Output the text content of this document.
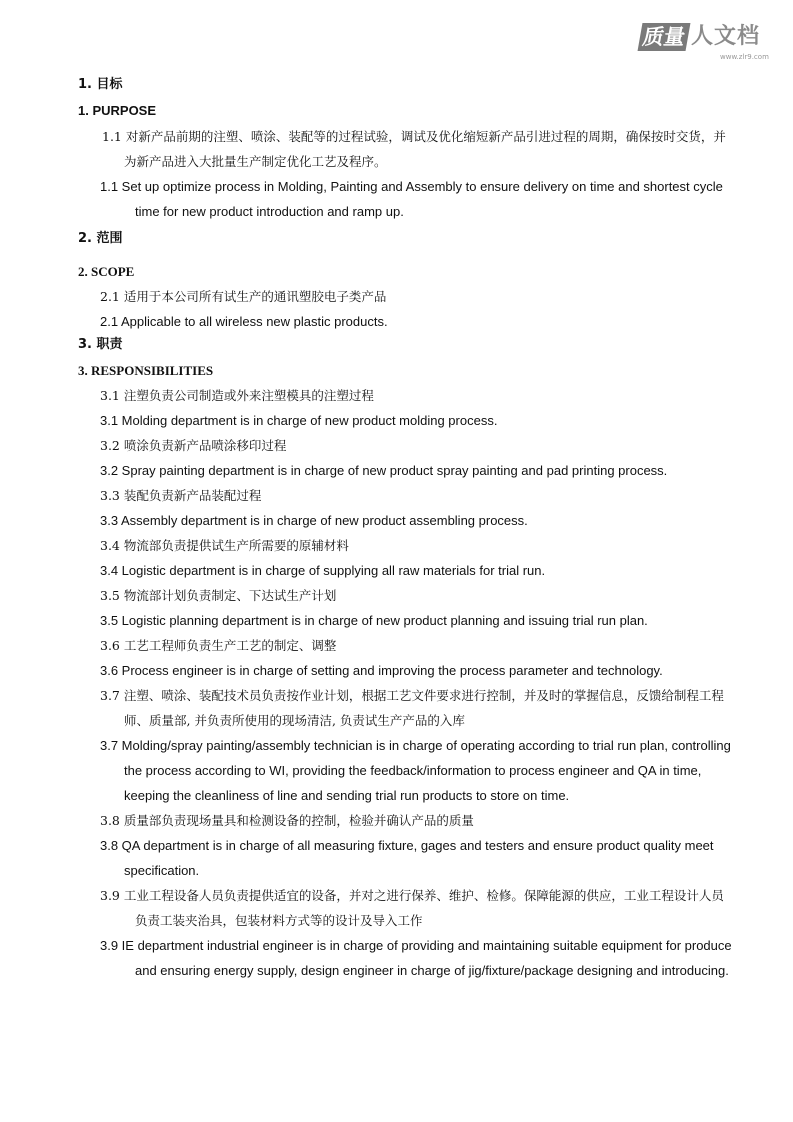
质量 人文档
www.zlr9.com

1. 目标

1. PURPOSE

1.1 对新产品前期的注塑、喷涂、装配等的过程试验，调试及优化缩短新产品引进过程的周期，确保按时交货，并为新产品进入大批量生产制定优化工艺及程序。
1.1 Set up optimize process in Molding, Painting and Assembly to ensure delivery on time and shortest cycle time for new product introduction and ramp up.

2. 范围

2. SCOPE

2.1 适用于本公司所有试生产的通讯塑胶电子类产品
2.1 Applicable to all wireless new plastic products.

3. 职责

3. RESPONSIBILITIES

3.1 注塑负责公司制造或外来注塑模具的注塑过程
3.1 Molding department is in charge of new product molding process.
3.2 喷涂负责新产品喷涂移印过程
3.2 Spray painting department is in charge of new product spray painting and pad printing process.
3.3 装配负责新产品装配过程
3.3 Assembly department is in charge of new product assembling process.
3.4 物流部负责提供试生产所需要的原辅材料
3.4 Logistic department is in charge of supplying all raw materials for trial run.
3.5 物流部计划负责制定、下达试生产计划
3.5 Logistic planning department is in charge of new product planning and issuing trial run plan.
3.6 工艺工程师负责生产工艺的制定、调整
3.6 Process engineer is in charge of setting and improving the process parameter and technology.
3.7 注塑、喷涂、装配技术员负责按作业计划，根据工艺文件要求进行控制，并及时的掌握信息，反馈给制程工程师、质量部, 并负责所使用的现场清洁, 负责试生产产品的入库
3.7 Molding/spray painting/assembly technician is in charge of operating according to trial run plan, controlling the process according to WI, providing the feedback/information to process engineer and QA in time, keeping the cleanliness of line and sending trial run products to store on time.
3.8 质量部负责现场量具和检测设备的控制，检验并确认产品的质量
3.8 QA department is in charge of all measuring fixture, gages and testers and ensure product quality meet specification.
3.9 工业工程设备人员负责提供适宜的设备，并对之进行保养、维护、检修。保障能源的供应，工业工程设计人员负责工装夹治具，包装材料方式等的设计及导入工作
3.9 IE department industrial engineer is in charge of providing and maintaining suitable equipment for produce and ensuring energy supply, design engineer in charge of jig/fixture/package designing and introducing.
